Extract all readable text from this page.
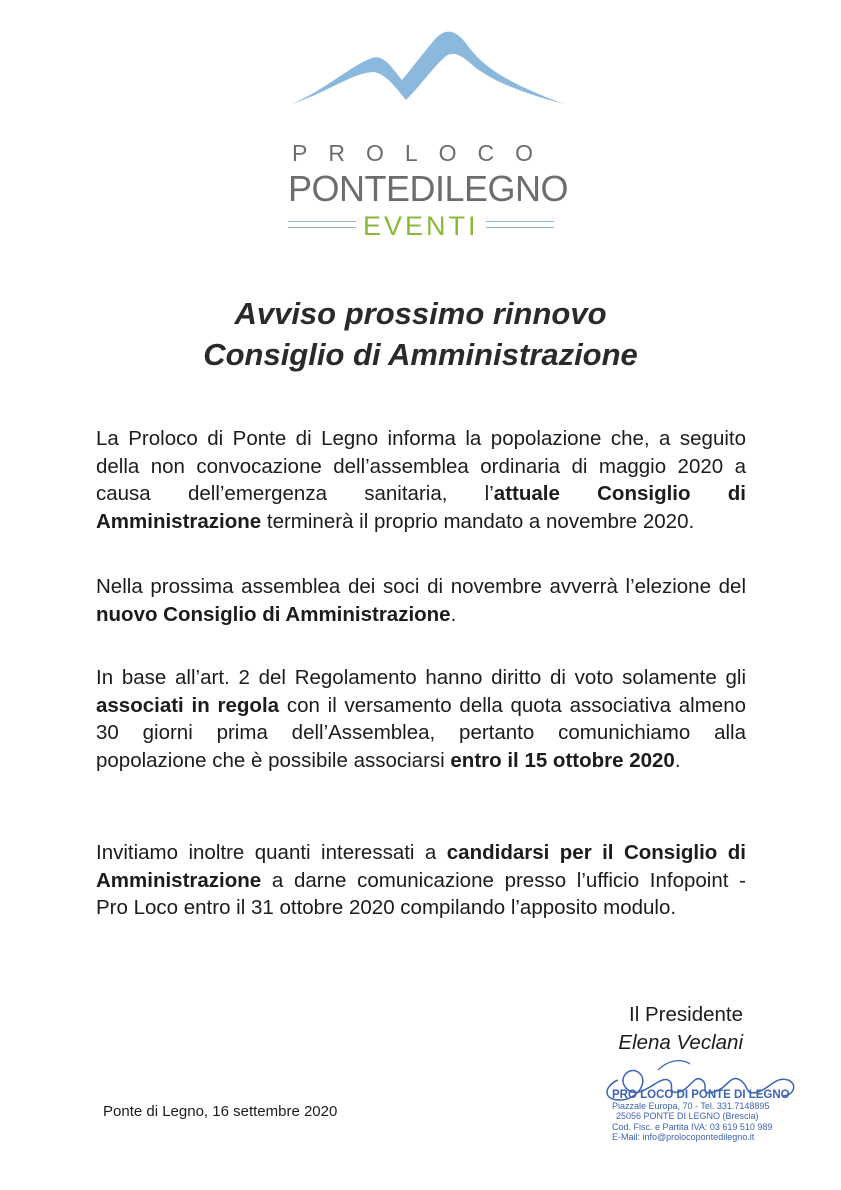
PROLOCO
PONTEDILEGNO
EVENTI
Avviso prossimo rinnovo
Consiglio di Amministrazione
La Proloco di Ponte di Legno informa la popolazione che, a seguito della non convocazione dell’assemblea ordinaria di maggio 2020 a causa dell’emergenza sanitaria, l’attuale Consiglio di Amministrazione terminerà il proprio mandato a novembre 2020.
Nella prossima assemblea dei soci di novembre avverrà l’elezione del nuovo Consiglio di Amministrazione.
In base all’art. 2 del Regolamento hanno diritto di voto solamente gli associati in regola con il versamento della quota associativa almeno 30 giorni prima dell’Assemblea, pertanto comunichiamo alla popolazione che è possibile associarsi entro il 15 ottobre 2020.
Invitiamo inoltre quanti interessati a candidarsi per il Consiglio di Amministrazione a darne comunicazione presso l’ufficio Infopoint - Pro Loco entro il 31 ottobre 2020 compilando l’apposito modulo.
Il Presidente
Elena Veclani
PRO LOCO DI PONTE DI LEGNO
Piazzale Europa, 70 - Tel. 331.7148895
25056 PONTE DI LEGNO (Brescia)
Cod. Fisc. e Partita IVA: 03 619 510 989
E-Mail: info@prolocopontedilegno.it
Ponte di Legno, 16 settembre 2020
